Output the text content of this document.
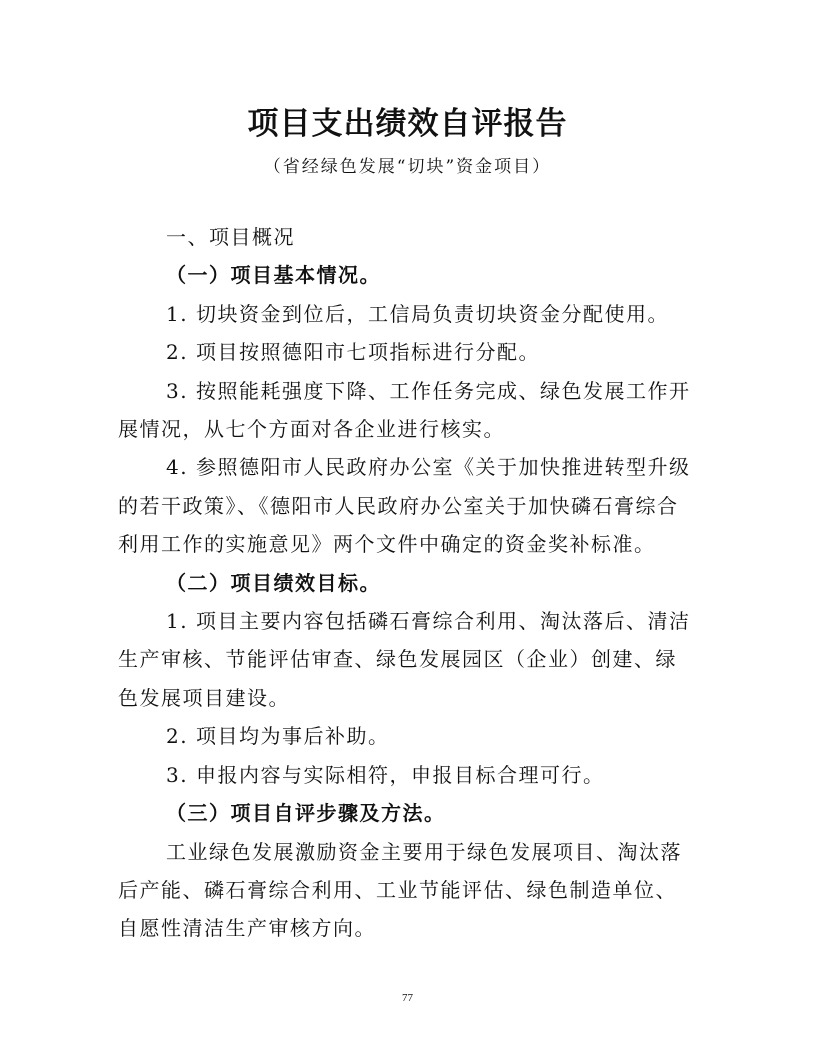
项目支出绩效自评报告
（省经绿色发展“切块”资金项目）

一、项目概况

（一）项目基本情况。

1. 切块资金到位后，工信局负责切块资金分配使用。

2. 项目按照德阳市七项指标进行分配。

3. 按照能耗强度下降、工作任务完成、绿色发展工作开展情况，从七个方面对各企业进行核实。

4. 参照德阳市人民政府办公室《关于加快推进转型升级的若干政策》、《德阳市人民政府办公室关于加快磷石膏综合利用工作的实施意见》两个文件中确定的资金奖补标准。

（二）项目绩效目标。

1. 项目主要内容包括磷石膏综合利用、淘汰落后、清洁生产审核、节能评估审查、绿色发展园区（企业）创建、绿色发展项目建设。

2. 项目均为事后补助。

3. 申报内容与实际相符，申报目标合理可行。

（三）项目自评步骤及方法。

工业绿色发展激励资金主要用于绿色发展项目、淘汰落后产能、磷石膏综合利用、工业节能评估、绿色制造单位、自愿性清洁生产审核方向。

77
